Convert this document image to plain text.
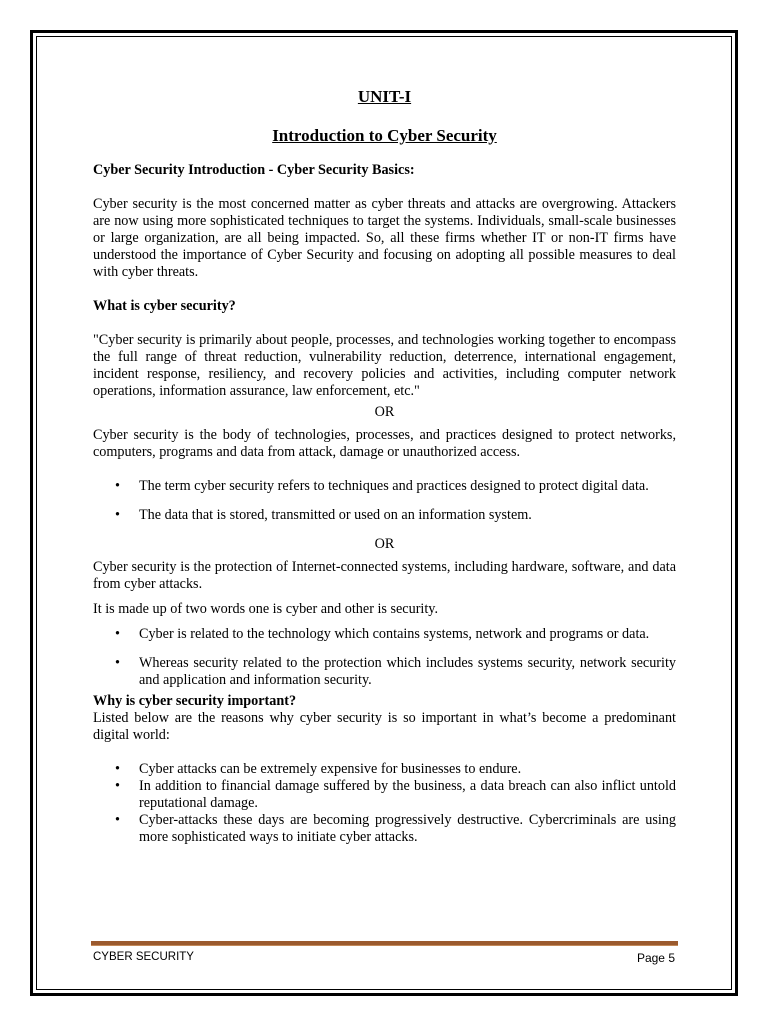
UNIT-I
Introduction to Cyber Security
Cyber Security Introduction - Cyber Security Basics:

Cyber security is the most concerned matter as cyber threats and attacks are overgrowing. Attackers are now using more sophisticated techniques to target the systems. Individuals, small-scale businesses or large organization, are all being impacted. So, all these firms whether IT or non-IT firms have understood the importance of Cyber Security and focusing on adopting all possible measures to deal with cyber threats.

What is cyber security?

"Cyber security is primarily about people, processes, and technologies working together to encompass the full range of threat reduction, vulnerability reduction, deterrence, international engagement, incident response, resiliency, and recovery policies and activities, including computer network operations, information assurance, law enforcement, etc."

OR

Cyber security is the body of technologies, processes, and practices designed to protect networks, computers, programs and data from attack, damage or unauthorized access.

• The term cyber security refers to techniques and practices designed to protect digital data.
• The data that is stored, transmitted or used on an information system.
OR

Cyber security is the protection of Internet-connected systems, including hardware, software, and data from cyber attacks.

It is made up of two words one is cyber and other is security.

• Cyber is related to the technology which contains systems, network and programs or data.
• Whereas security related to the protection which includes systems security, network security and application and information security.
Why is cyber security important?

Listed below are the reasons why cyber security is so important in what’s become a predominant digital world:

• Cyber attacks can be extremely expensive for businesses to endure.
• In addition to financial damage suffered by the business, a data breach can also inflict untold reputational damage.
• Cyber-attacks these days are becoming progressively destructive. Cybercriminals are using more sophisticated ways to initiate cyber attacks.
CYBER SECURITY	Page 5
